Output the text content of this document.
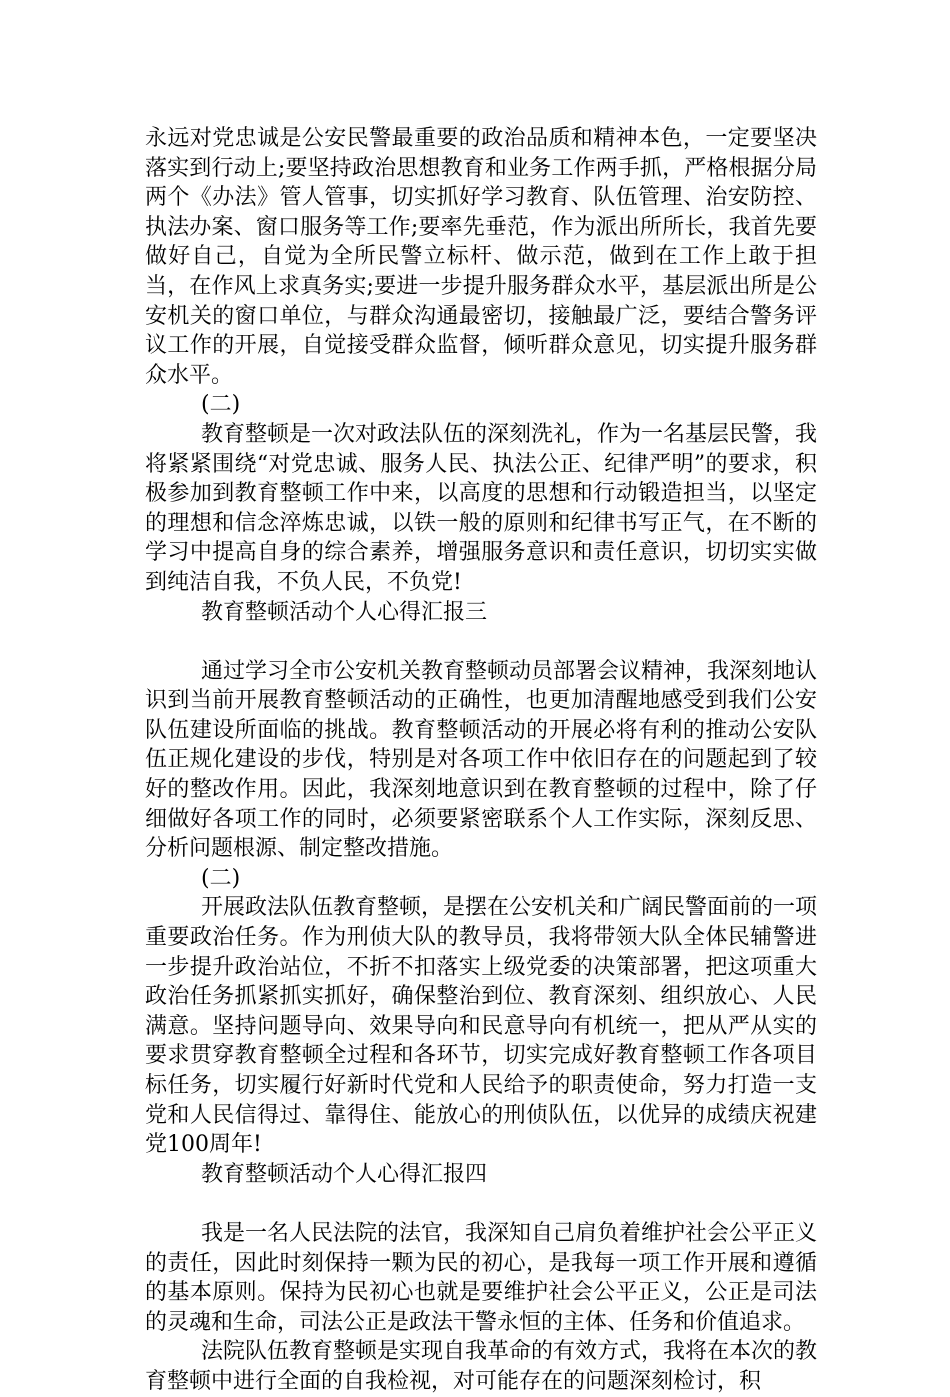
永远对党忠诚是公安民警最重要的政治品质和精神本色，一定要坚决落实到行动上;要坚持政治思想教育和业务工作两手抓，严格根据分局两个《办法》管人管事，切实抓好学习教育、队伍管理、治安防控、执法办案、窗口服务等工作;要率先垂范，作为派出所所长，我首先要做好自己，自觉为全所民警立标杆、做示范，做到在工作上敢于担当，在作风上求真务实;要进一步提升服务群众水平，基层派出所是公安机关的窗口单位，与群众沟通最密切，接触最广泛，要结合警务评议工作的开展，自觉接受群众监督，倾听群众意见，切实提升服务群众水平。

(二)

教育整顿是一次对政法队伍的深刻洗礼，作为一名基层民警，我将紧紧围绕“对党忠诚、服务人民、执法公正、纪律严明”的要求，积极参加到教育整顿工作中来，以高度的思想和行动锻造担当，以坚定的理想和信念淬炼忠诚，以铁一般的原则和纪律书写正气，在不断的学习中提高自身的综合素养，增强服务意识和责任意识，切切实实做到纯洁自我，不负人民，不负党!

教育整顿活动个人心得汇报三

通过学习全市公安机关教育整顿动员部署会议精神，我深刻地认识到当前开展教育整顿活动的正确性，也更加清醒地感受到我们公安队伍建设所面临的挑战。教育整顿活动的开展必将有利的推动公安队伍正规化建设的步伐，特别是对各项工作中依旧存在的问题起到了较好的整改作用。因此，我深刻地意识到在教育整顿的过程中，除了仔细做好各项工作的同时，必须要紧密联系个人工作实际，深刻反思、分析问题根源、制定整改措施。

(二)

开展政法队伍教育整顿，是摆在公安机关和广阔民警面前的一项重要政治任务。作为刑侦大队的教导员，我将带领大队全体民辅警进一步提升政治站位，不折不扣落实上级党委的决策部署，把这项重大政治任务抓紧抓实抓好，确保整治到位、教育深刻、组织放心、人民满意。坚持问题导向、效果导向和民意导向有机统一，把从严从实的要求贯穿教育整顿全过程和各环节，切实完成好教育整顿工作各项目标任务，切实履行好新时代党和人民给予的职责使命，努力打造一支党和人民信得过、靠得住、能放心的刑侦队伍，以优异的成绩庆祝建党100周年!

教育整顿活动个人心得汇报四

我是一名人民法院的法官，我深知自己肩负着维护社会公平正义的责任，因此时刻保持一颗为民的初心，是我每一项工作开展和遵循的基本原则。保持为民初心也就是要维护社会公平正义，公正是司法的灵魂和生命，司法公正是政法干警永恒的主体、任务和价值追求。

法院队伍教育整顿是实现自我革命的有效方式，我将在本次的教育整顿中进行全面的自我检视，对可能存在的问题深刻检讨，积
